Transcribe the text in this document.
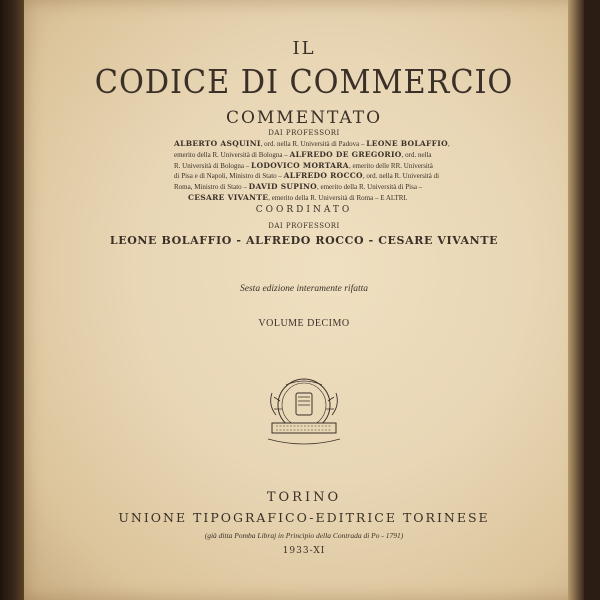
IL
CODICE DI COMMERCIO
COMMENTATO
DAI PROFESSORI

ALBERTO ASQUINI, ord. nella R. Università di Padova – LEONE BOLAFFIO,

emerito della R. Università di Bologna – ALFREDO DE GREGORIO, ord. nella

R. Università di Bologna – LODOVICO MORTARA, emerito delle RR. Università

di Pisa e di Napoli, Ministro di Stato – ALFREDO ROCCO, ord. nella R. Università di

Roma, Ministro di Stato – DAVID SUPINO, emerito della R. Università di Pisa –

CESARE VIVANTE, emerito della R. Università di Roma – E ALTRI.

COORDINATO
DAI PROFESSORI
LEONE BOLAFFIO - ALFREDO ROCCO - CESARE VIVANTE
Sesta edizione interamente rifatta
VOLUME DECIMO
TORINO
UNIONE TIPOGRAFICO-EDITRICE TORINESE
(già ditta Pomba Libraj in Principio della Contrada di Po - 1791)
1933-XI
